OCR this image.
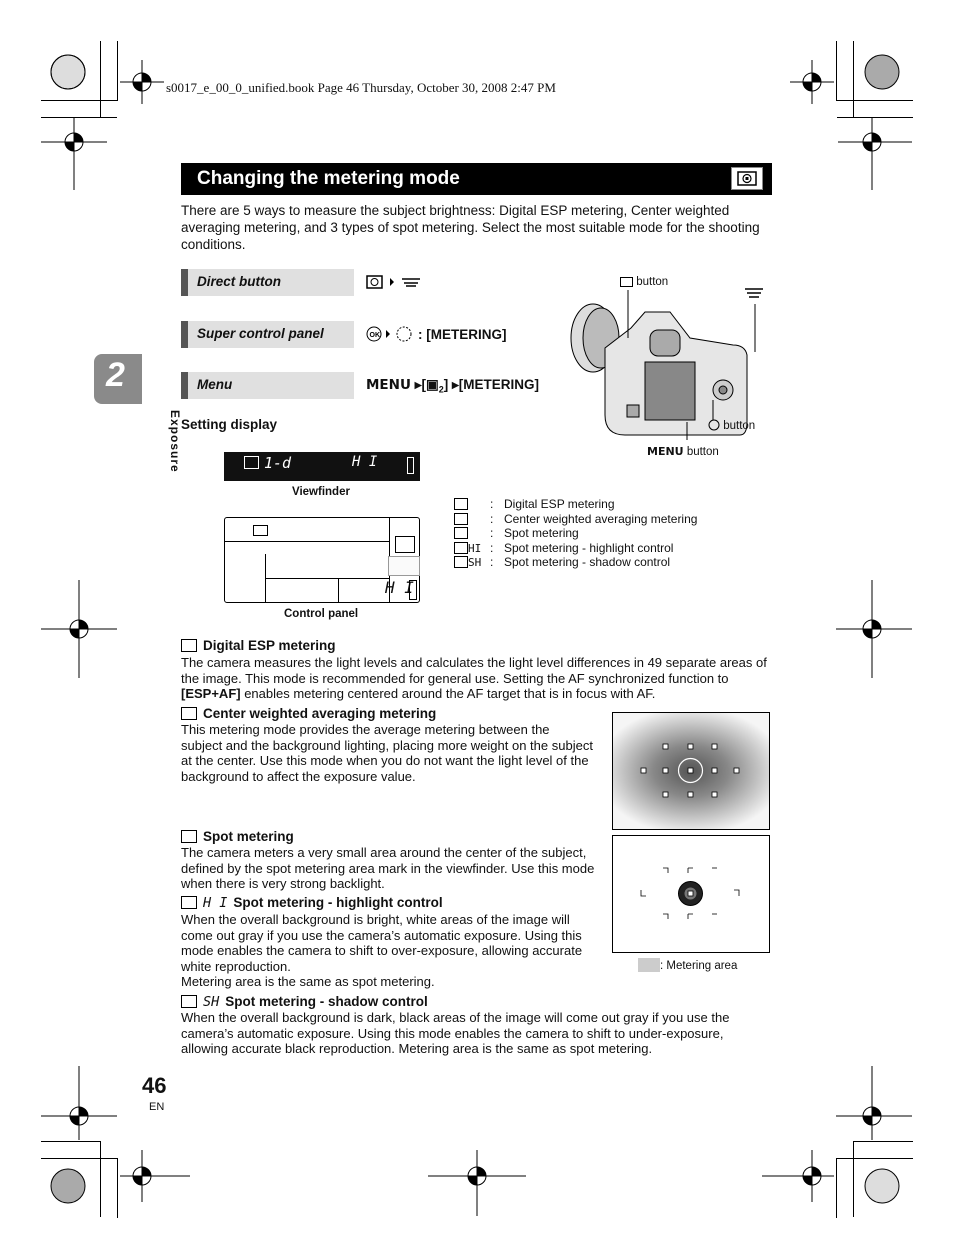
s0017_e_00_0_unified.book Page 46 Thursday, October 30, 2008 2:47 PM
Changing the metering mode
There are 5 ways to measure the subject brightness: Digital ESP metering, Center weighted averaging metering, and 3 types of spot metering. Select the most suitable mode for the shooting conditions.
Direct button
Super control panel	OK	: [METERING]
Menu	MENU $▸[▣_2]$ ▸[METERING]
2
Exposure
button
button
MENU button
Setting display
1-d	H I
Viewfinder
H I
Control panel
: Digital ESP metering
: Center weighted averaging metering
: Spot metering
HI : Spot metering - highlight control
SH : Spot metering - shadow control
Digital ESP metering
The camera measures the light levels and calculates the light level differences in 49 separate areas of the image. This mode is recommended for general use. Setting the AF synchronized function to [ESP+AF] enables metering centered around the AF target that is in focus with AF.
Center weighted averaging metering
This metering mode provides the average metering between the subject and the background lighting, placing more weight on the subject at the center. Use this mode when you do not want the light level of the background to affect the exposure value.
Spot metering
The camera meters a very small area around the center of the subject, defined by the spot metering area mark in the viewfinder. Use this mode when there is very strong backlight.
: Metering area
H I Spot metering - highlight control
When the overall background is bright, white areas of the image will come out gray if you use the camera’s automatic exposure. Using this mode enables the camera to shift to over-exposure, allowing accurate white reproduction.
Metering area is the same as spot metering.
SH Spot metering - shadow control
When the overall background is dark, black areas of the image will come out gray if you use the camera’s automatic exposure. Using this mode enables the camera to shift to under-exposure, allowing accurate black reproduction. Metering area is the same as spot metering.
46
EN
